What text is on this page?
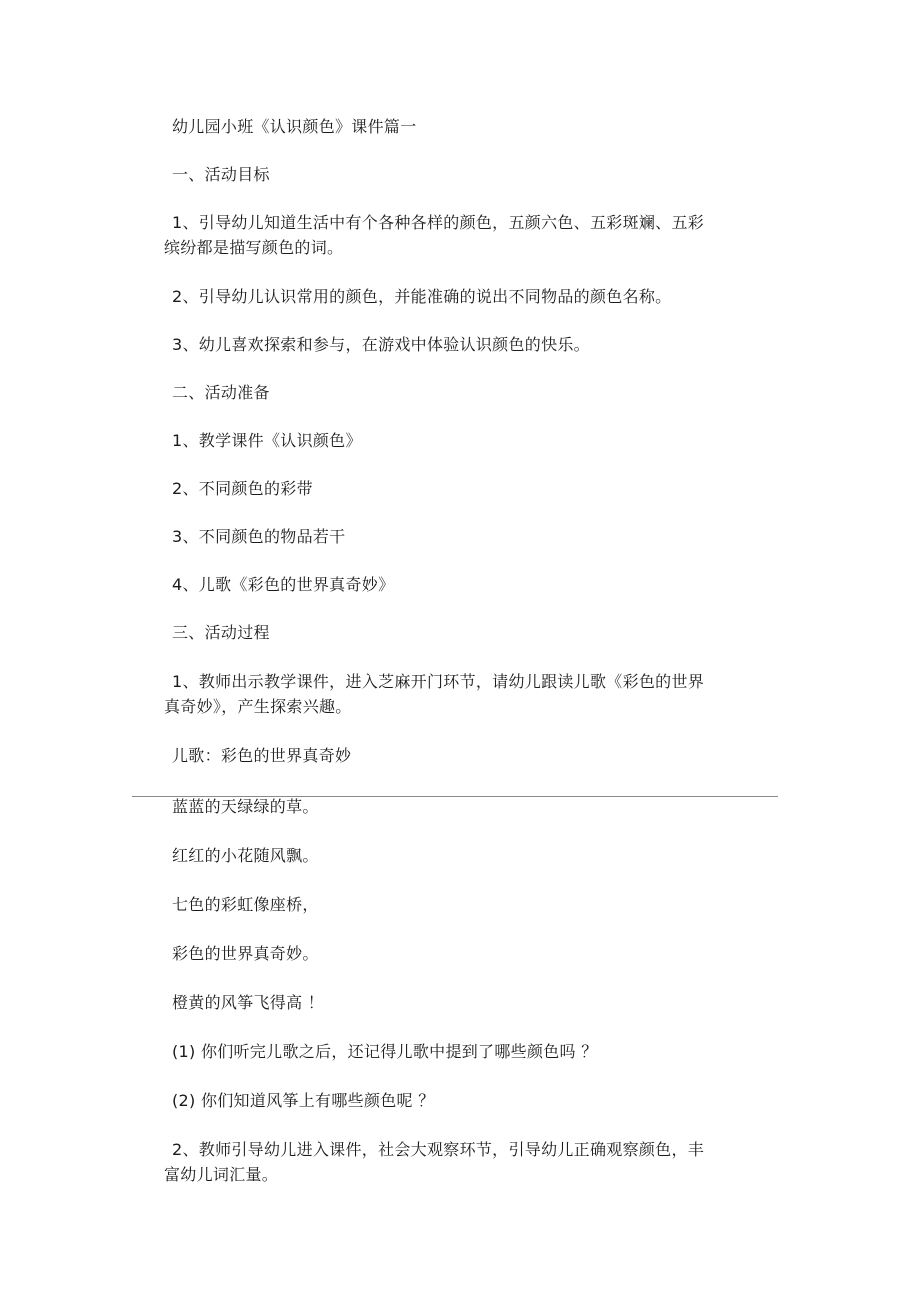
幼儿园小班《认识颜色》课件篇一
一、活动目标
1、引导幼儿知道生活中有个各种各样的颜色，五颜六色、五彩斑斓、五彩
缤纷都是描写颜色的词。
2、引导幼儿认识常用的颜色，并能准确的说出不同物品的颜色名称。
3、幼儿喜欢探索和参与，在游戏中体验认识颜色的快乐。
二、活动准备
1、教学课件《认识颜色》
2、不同颜色的彩带
3、不同颜色的物品若干
4、儿歌《彩色的世界真奇妙》
三、活动过程
1、教师出示教学课件，进入芝麻开门环节，请幼儿跟读儿歌《彩色的世界
真奇妙》，产生探索兴趣。
儿歌：彩色的世界真奇妙
蓝蓝的天绿绿的草。
红红的小花随风飘。
七色的彩虹像座桥，
彩色的世界真奇妙。
橙黄的风筝飞得高 ！
(1) 你们听完儿歌之后，还记得儿歌中提到了哪些颜色吗 ？
(2) 你们知道风筝上有哪些颜色呢 ？
2、教师引导幼儿进入课件，社会大观察环节，引导幼儿正确观察颜色，丰
富幼儿词汇量。
